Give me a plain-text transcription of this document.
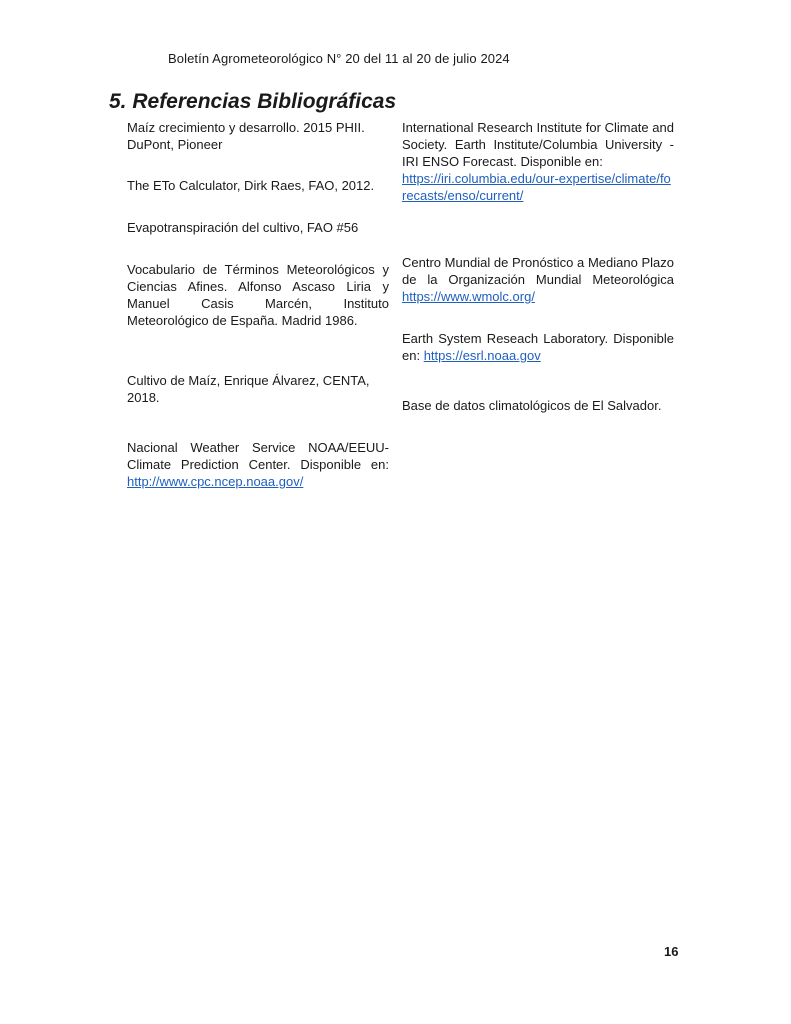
Boletín Agrometeorológico N° 20 del 11 al 20 de julio 2024
5. Referencias Bibliográficas

Maíz crecimiento y desarrollo. 2015 PHII. DuPont, Pioneer

The ETo Calculator, Dirk Raes, FAO, 2012.

Evapotranspiración del cultivo, FAO #56

Vocabulario de Términos Meteorológicos y Ciencias Afines. Alfonso Ascaso Liria y Manuel Casis Marcén, Instituto Meteorológico de España. Madrid 1986.

Cultivo de Maíz, Enrique Álvarez, CENTA, 2018.

Nacional Weather Service NOAA/EEUU-Climate Prediction Center. Disponible en: http://www.cpc.ncep.noaa.gov/

International Research Institute for Climate and Society. Earth Institute/Columbia University - IRI ENSO Forecast. Disponible en:
https://iri.columbia.edu/our-expertise/climate/forecasts/enso/current/

Centro Mundial de Pronóstico a Mediano Plazo de la Organización Mundial Meteorológica https://www.wmolc.org/

Earth System Reseach Laboratory. Disponible en: https://esrl.noaa.gov

Base de datos climatológicos de El Salvador.

16
